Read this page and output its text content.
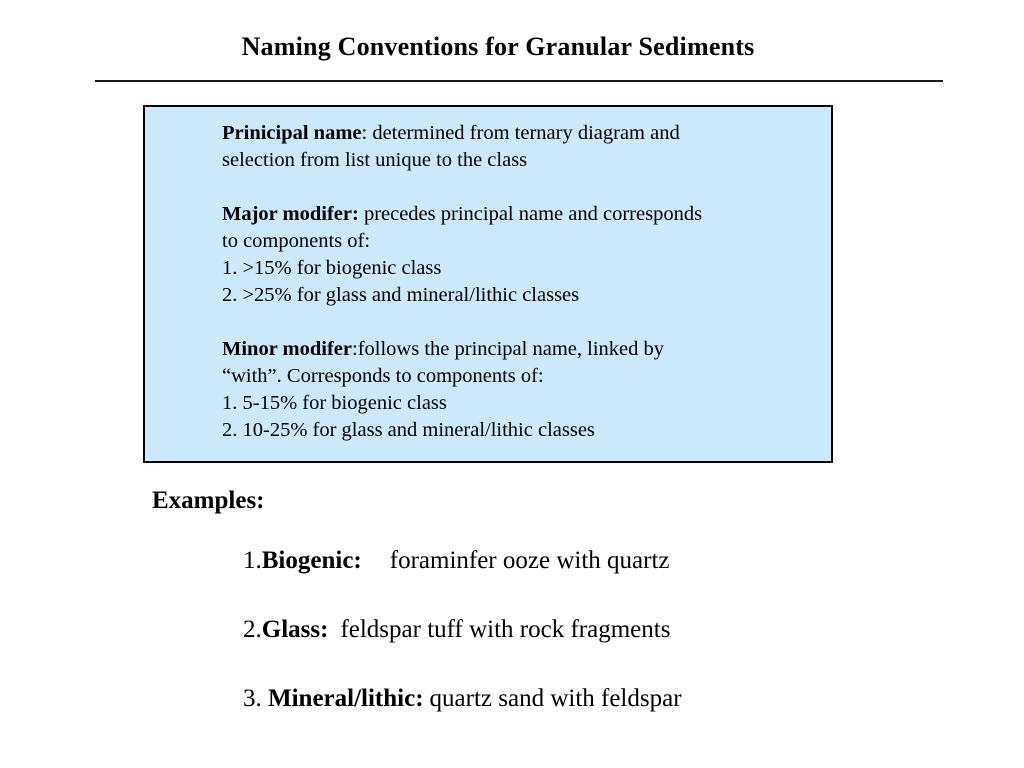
Naming Conventions for Granular Sediments

Prinicipal name: determined from ternary diagram and
selection from list unique to the class

Major modifer: precedes principal name and corresponds
to components of:
1. >15% for biogenic class
2. >25% for glass and mineral/lithic classes

Minor modifer:follows the principal name, linked by
“with”. Corresponds to components of:
1. 5-15% for biogenic class
2. 10-25% for glass and mineral/lithic classes

Examples:
1.Biogenic: foraminfer ooze with quartz
2.Glass: feldspar tuff with rock fragments
3. Mineral/lithic: quartz sand with feldspar
